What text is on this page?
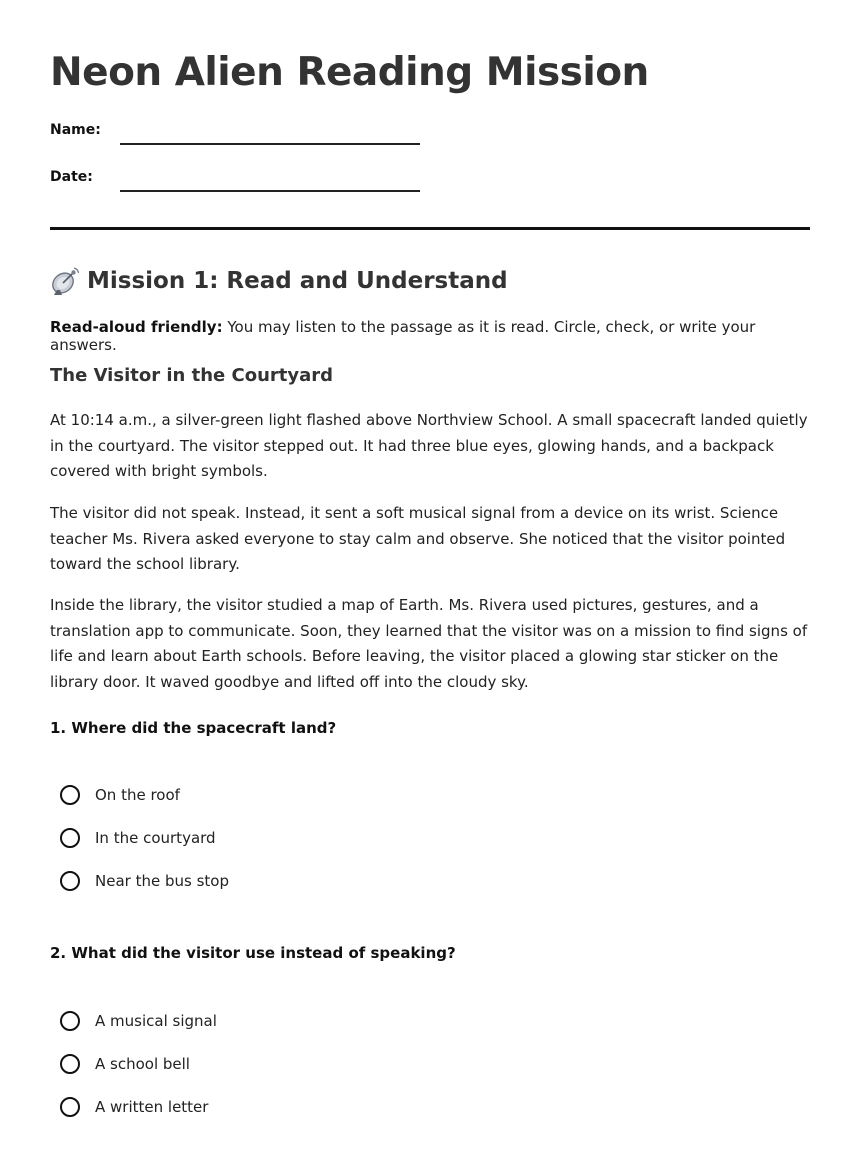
Neon Alien Reading Mission
Name:
Date:
Mission 1: Read and Understand

Read-aloud friendly: You may listen to the passage as it is read. Circle, check, or write your answers.

The Visitor in the Courtyard

At 10:14 a.m., a silver-green light flashed above Northview School. A small spacecraft landed quietly in the courtyard. The visitor stepped out. It had three blue eyes, glowing hands, and a backpack covered with bright symbols.

The visitor did not speak. Instead, it sent a soft musical signal from a device on its wrist. Science teacher Ms. Rivera asked everyone to stay calm and observe. She noticed that the visitor pointed toward the school library.

Inside the library, the visitor studied a map of Earth. Ms. Rivera used pictures, gestures, and a translation app to communicate. Soon, they learned that the visitor was on a mission to find signs of life and learn about Earth schools. Before leaving, the visitor placed a glowing star sticker on the library door. It waved goodbye and lifted off into the cloudy sky.

1. Where did the spacecraft land?

On the roof
In the courtyard
Near the bus stop

2. What did the visitor use instead of speaking?

A musical signal
A school bell
A written letter
